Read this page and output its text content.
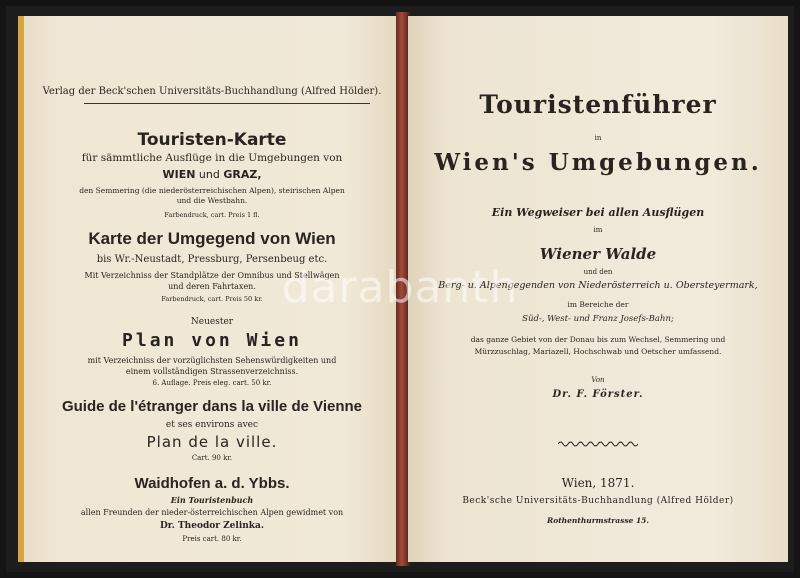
Verlag der Beck'schen Universitäts-Buchhandlung (Alfred Hölder).
Touristen-Karte
für sämmtliche Ausflüge in die Umgebungen von
WIEN und GRAZ,
den Semmering (die niederösterreichischen Alpen), steirischen Alpen
und die Westbahn.
Farbendruck, cart. Preis 1 fl.
Karte der Umgegend von Wien
bis Wr.-Neustadt, Pressburg, Persenbeug etc.
Mit Verzeichniss der Standplätze der Omnibus und Stellwägen
und deren Fahrtaxen.
Farbendruck, cart. Preis 50 kr.
Neuester
Plan von Wien
mit Verzeichniss der vorzüglichsten Sehenswürdigkeiten und
einem vollständigen Strassenverzeichniss.
6. Auflage. Preis eleg. cart. 50 kr.
Guide de l'étranger dans la ville de Vienne
et ses environs avec
Plan de la ville.
Cart. 90 kr.
Waidhofen a. d. Ybbs.
Ein Touristenbuch
allen Freunden der nieder-österreichischen Alpen gewidmet von
Dr. Theodor Zelinka.
Preis cart. 80 kr.
Touristenführer
in
Wien's Umgebungen.
Ein Wegweiser bei allen Ausflügen
im
Wiener Walde
und den
Berg- u. Alpengegenden von Niederösterreich u. Obersteyermark,
im Bereiche der
Süd-, West- und Franz Josefs-Bahn;
das ganze Gebiet von der Donau bis zum Wechsel, Semmering und
Mürzzuschlag, Mariazell, Hochschwab und Oetscher umfassend.
Von
Dr. F. Förster.
Wien, 1871.
Beck'sche Universitäts-Buchhandlung (Alfred Hölder)
Rothenthurmstrasse 15.
darabanth
